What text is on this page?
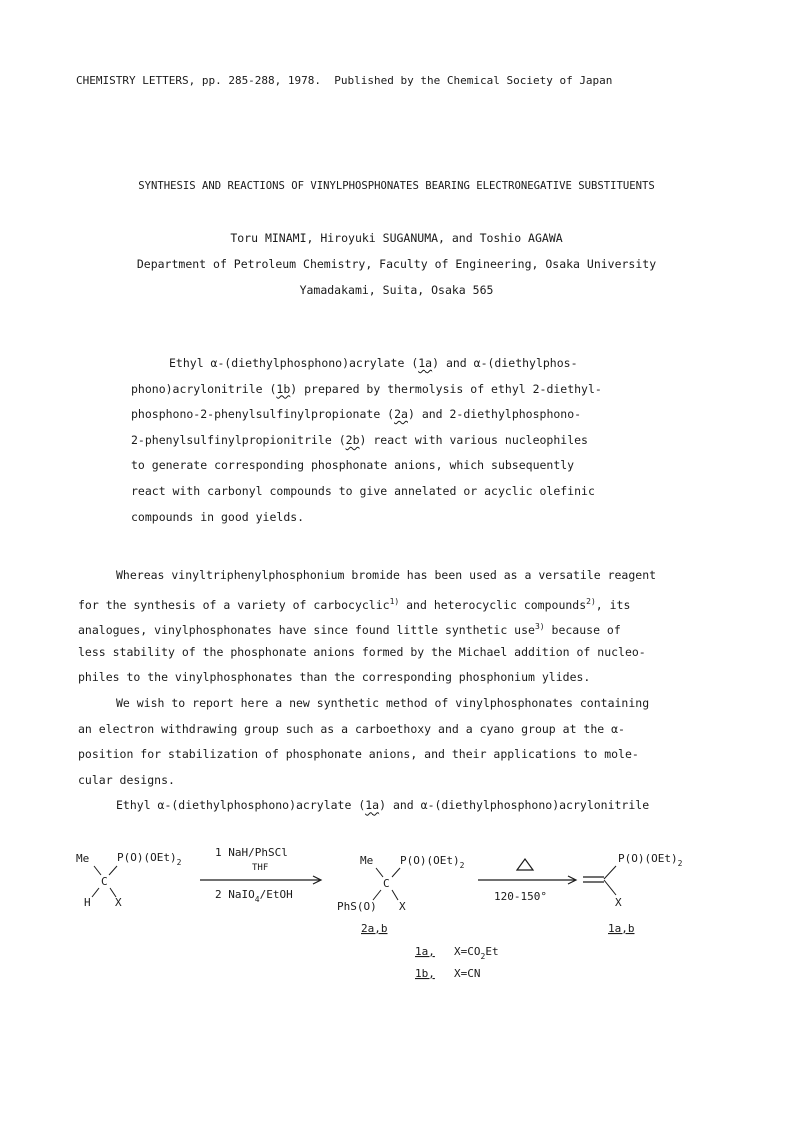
CHEMISTRY LETTERS, pp. 285-288, 1978.  Published by the Chemical Society of Japan
SYNTHESIS AND REACTIONS OF VINYLPHOSPHONATES BEARING ELECTRONEGATIVE SUBSTITUENTS
Toru MINAMI, Hiroyuki SUGANUMA, and Toshio AGAWA
Department of Petroleum Chemistry, Faculty of Engineering, Osaka University
Yamadakami, Suita, Osaka 565
Ethyl α-(diethylphosphono)acrylate (1a) and α-(diethylphos-
phono)acrylonitrile (1b) prepared by thermolysis of ethyl 2-diethyl-
phosphono-2-phenylsulfinylpropionate (2a) and 2-diethylphosphono-
2-phenylsulfinylpropionitrile (2b) react with various nucleophiles
to generate corresponding phosphonate anions, which subsequently
react with carbonyl compounds to give annelated or acyclic olefinic
compounds in good yields.
Whereas vinyltriphenylphosphonium bromide has been used as a versatile reagent
for the synthesis of a variety of carbocyclic$^{1)}$ and heterocyclic compounds$^{2)}$, its
analogues, vinylphosphonates have since found little synthetic use$^{3)}$ because of
less stability of the phosphonate anions formed by the Michael addition of nucleo-
philes to the vinylphosphonates than the corresponding phosphonium ylides.
We wish to report here a new synthetic method of vinylphosphonates containing
an electron withdrawing group such as a carboethoxy and a cyano group at the α-
position for stabilization of phosphonate anions, and their applications to mole-
cular designs.
Ethyl α-(diethylphosphono)acrylate (1a) and α-(diethylphosphono)acrylonitrile
Me	$P(O)(OEt)_2$
C
H X
1 NaH/PhSCl
THF
2 NaIO$_4$/EtOH
Me $P(O)(OEt)_2$
C
PhS(O) X
2a,b
120-150°
$P(O)(OEt)_2$
X
1a,b
1a, $X=CO_2Et$
1b, X=CN
